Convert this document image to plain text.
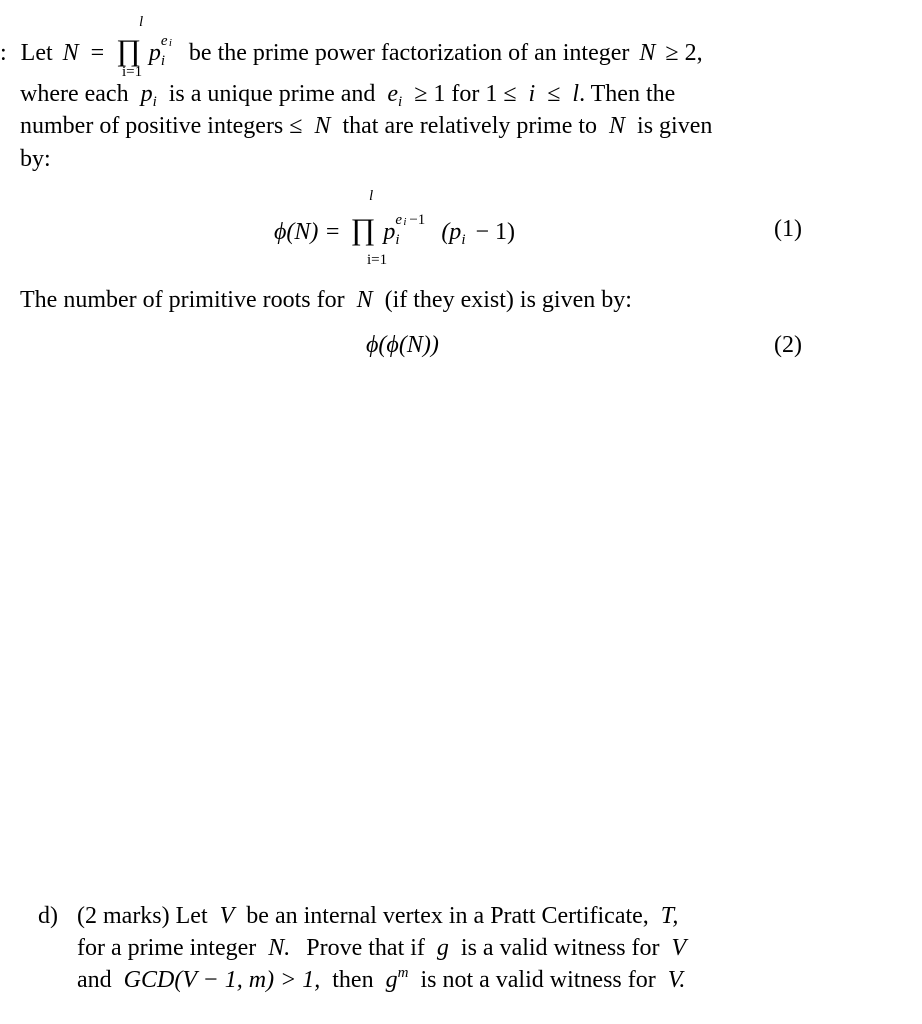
: Let N = ∏ p e i
i be the prime power factorization of an integer N ≥ 2,
l
i=1
where each $p_i$ is a unique prime and $e_i \ge 1$ for 1 ≤ i ≤ l. Then the
number of positive integers ≤ N that are relatively prime to N is given
by:
l
ϕ(N) = ∏ p e i −1
i $(p_i - 1)$
i=1
(1)
The number of primitive roots for N (if they exist) is given by:
ϕ(ϕ(N))	(2)
d) (2 marks) Let V be an internal vertex in a Pratt Certificate, T,
for a prime integer N. Prove that if g is a valid witness for V
and GCD(V − 1, m) > 1, then $g^m$ is not a valid witness for V.
